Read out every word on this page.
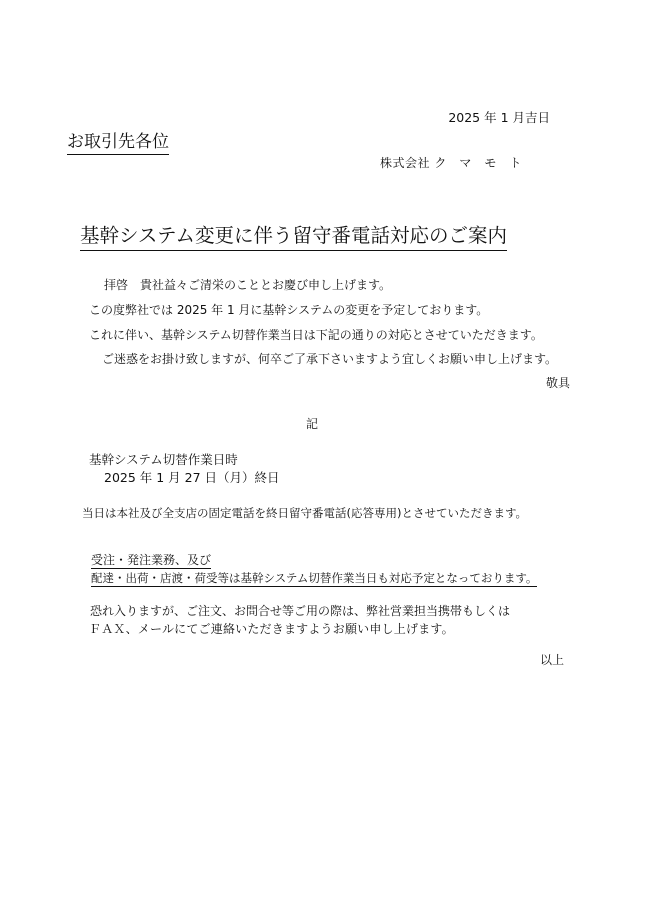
2025 年 1 月吉日
お取引先各位
株式会社 ク　マ　モ　ト
基幹システム変更に伴う留守番電話対応のご案内
拝啓　貴社益々ご清栄のこととお慶び申し上げます。
この度弊社では 2025 年 1 月に基幹システムの変更を予定しております。
これに伴い、基幹システム切替作業当日は下記の通りの対応とさせていただきます。
ご迷惑をお掛け致しますが、何卒ご了承下さいますよう宜しくお願い申し上げます。
敬具
記
基幹システム切替作業日時
2025 年 1 月 27 日（月）終日
当日は本社及び全支店の固定電話を終日留守番電話(応答専用)とさせていただきます。
受注・発注業務、及び
配達・出荷・店渡・荷受等は基幹システム切替作業当日も対応予定となっております。
恐れ入りますが、ご注文、お問合せ等ご用の際は、弊社営業担当携帯もしくは
ＦＡＸ、メールにてご連絡いただきますようお願い申し上げます。
以上
